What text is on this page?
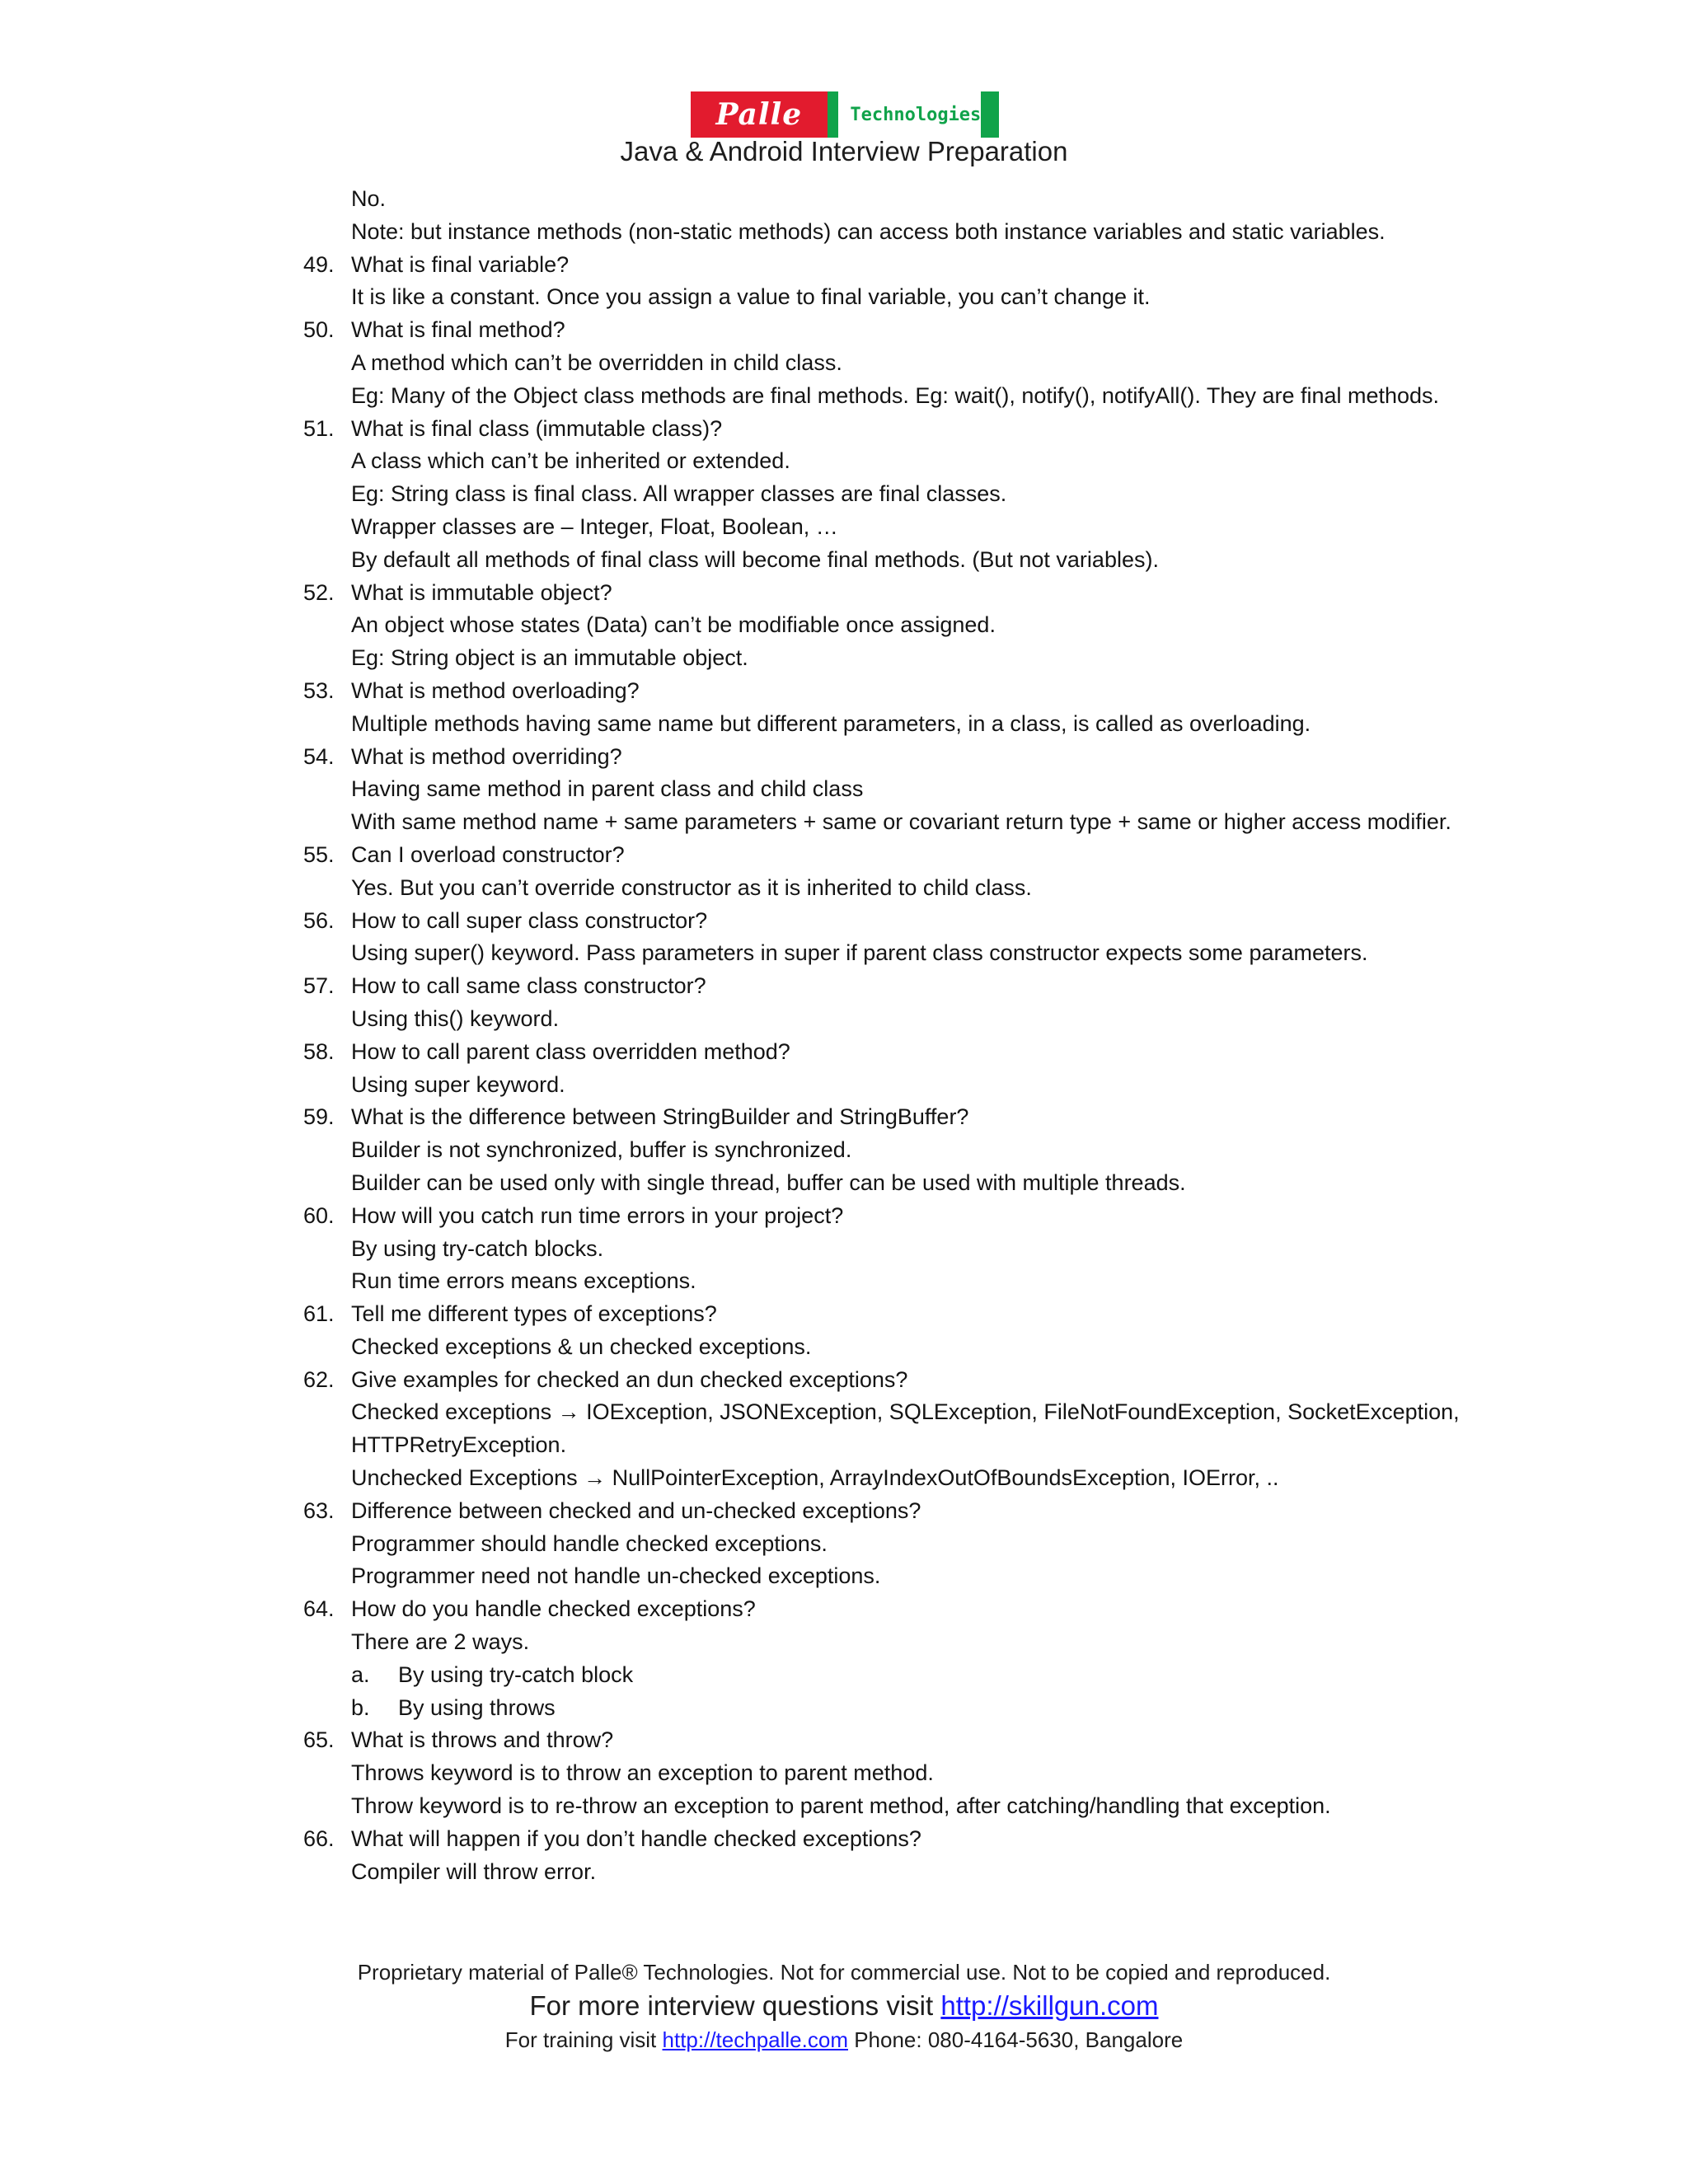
Palle	Technologies
Java & Android Interview Preparation
No.
Note: but instance methods (non-static methods) can access both instance variables and static variables.
49. What is final variable?
It is like a constant. Once you assign a value to final variable, you can’t change it.
50. What is final method?
A method which can’t be overridden in child class.
Eg: Many of the Object class methods are final methods. Eg: wait(), notify(), notifyAll(). They are final methods.
51. What is final class (immutable class)?
A class which can’t be inherited or extended.
Eg: String class is final class. All wrapper classes are final classes.
Wrapper classes are – Integer, Float, Boolean, …
By default all methods of final class will become final methods. (But not variables).
52. What is immutable object?
An object whose states (Data) can’t be modifiable once assigned.
Eg: String object is an immutable object.
53. What is method overloading?
Multiple methods having same name but different parameters, in a class, is called as overloading.
54. What is method overriding?
Having same method in parent class and child class
With same method name + same parameters + same or covariant return type + same or higher access modifier.
55. Can I overload constructor?
Yes. But you can’t override constructor as it is inherited to child class.
56. How to call super class constructor?
Using super() keyword. Pass parameters in super if parent class constructor expects some parameters.
57. How to call same class constructor?
Using this() keyword.
58. How to call parent class overridden method?
Using super keyword.
59. What is the difference between StringBuilder and StringBuffer?
Builder is not synchronized, buffer is synchronized.
Builder can be used only with single thread, buffer can be used with multiple threads.
60. How will you catch run time errors in your project?
By using try-catch blocks.
Run time errors means exceptions.
61. Tell me different types of exceptions?
Checked exceptions & un checked exceptions.
62. Give examples for checked an dun checked exceptions?
Checked exceptions → IOException, JSONException, SQLException, FileNotFoundException, SocketException,
HTTPRetryException.
Unchecked Exceptions → NullPointerException, ArrayIndexOutOfBoundsException, IOError, ..
63. Difference between checked and un-checked exceptions?
Programmer should handle checked exceptions.
Programmer need not handle un-checked exceptions.
64. How do you handle checked exceptions?
There are 2 ways.
a. By using try-catch block
b. By using throws
65. What is throws and throw?
Throws keyword is to throw an exception to parent method.
Throw keyword is to re-throw an exception to parent method, after catching/handling that exception.
66. What will happen if you don’t handle checked exceptions?
Compiler will throw error.
Proprietary material of Palle® Technologies. Not for commercial use. Not to be copied and reproduced.
For more interview questions visit http://skillgun.com
For training visit http://techpalle.com Phone: 080-4164-5630, Bangalore
